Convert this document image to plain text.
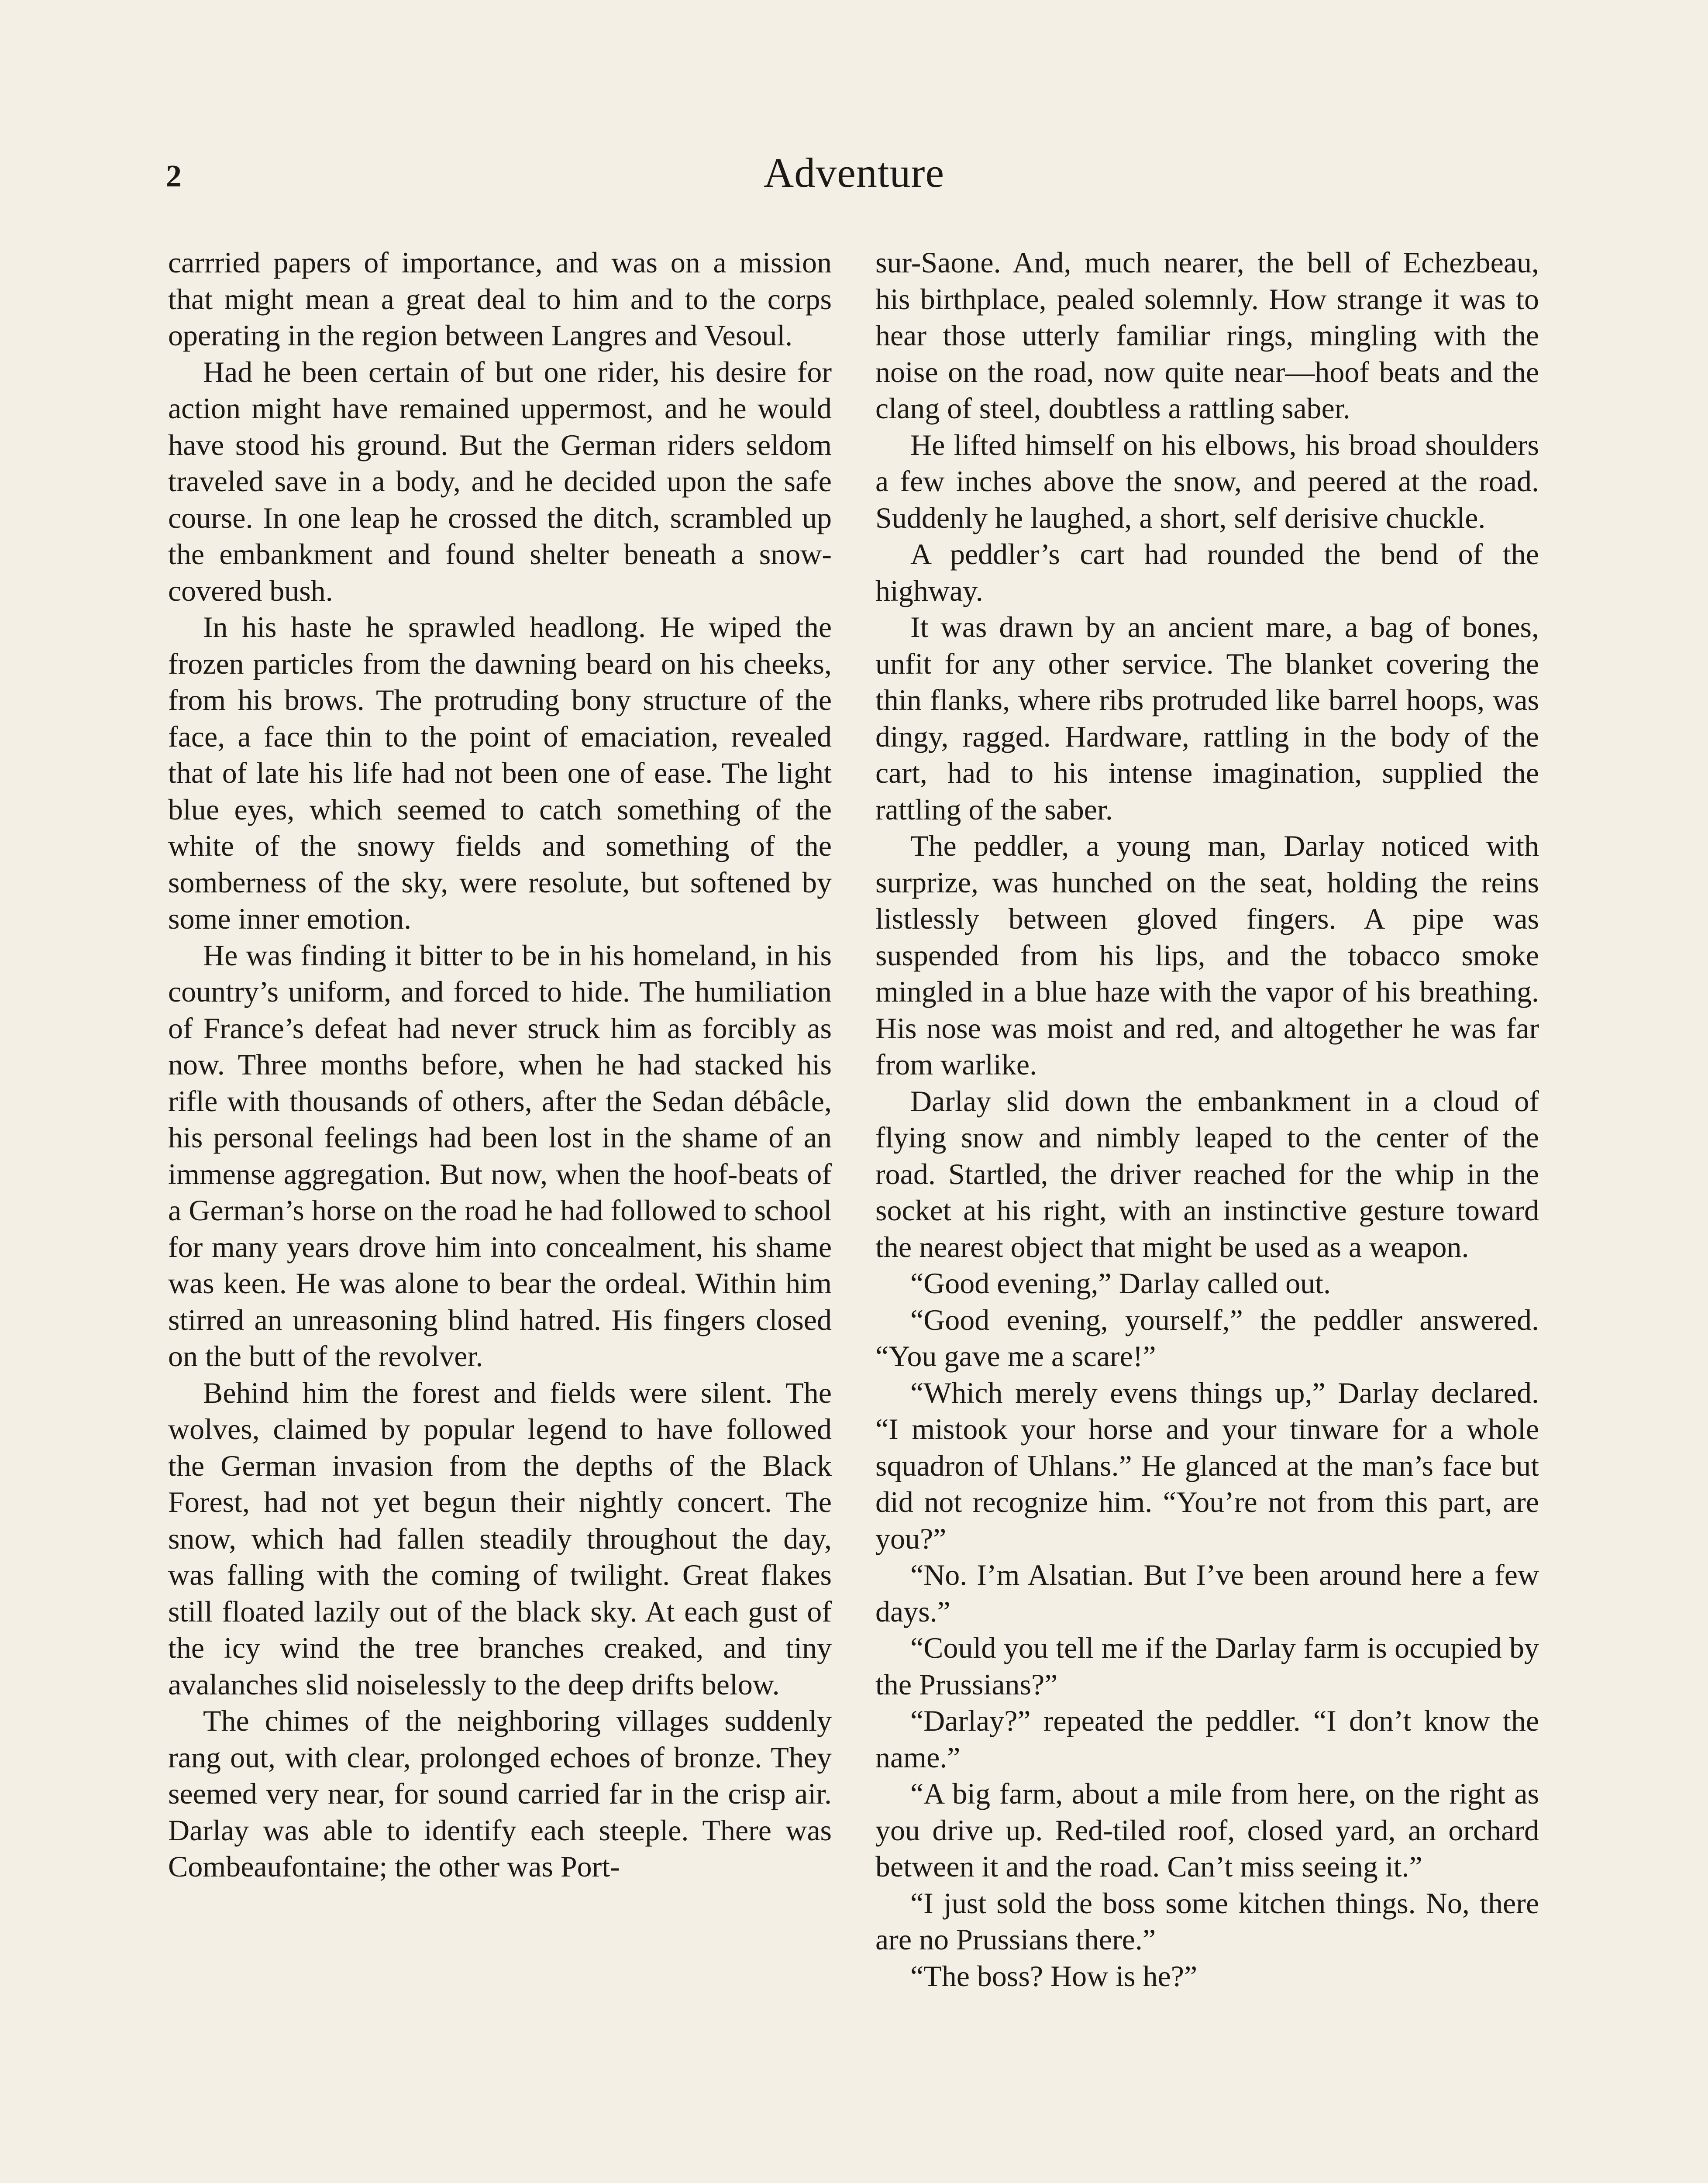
2	Adventure

carrried papers of importance, and was on a mission that might mean a great deal to him and to the corps operating in the region between Langres and Vesoul.

Had he been certain of but one rider, his desire for action might have remained uppermost, and he would have stood his ground. But the German riders seldom traveled save in a body, and he decided upon the safe course. In one leap he crossed the ditch, scrambled up the embankment and found shelter beneath a snow-covered bush.

In his haste he sprawled headlong. He wiped the frozen particles from the dawning beard on his cheeks, from his brows. The protruding bony structure of the face, a face thin to the point of emaciation, revealed that of late his life had not been one of ease. The light blue eyes, which seemed to catch something of the white of the snowy fields and something of the somberness of the sky, were resolute, but softened by some inner emotion.

He was finding it bitter to be in his homeland, in his country’s uniform, and forced to hide. The humiliation of France’s defeat had never struck him as forcibly as now. Three months before, when he had stacked his rifle with thousands of others, after the Sedan débâcle, his personal feelings had been lost in the shame of an immense aggregation. But now, when the hoof-beats of a German’s horse on the road he had followed to school for many years drove him into concealment, his shame was keen. He was alone to bear the ordeal. Within him stirred an unreasoning blind hatred. His fingers closed on the butt of the revolver.

Behind him the forest and fields were silent. The wolves, claimed by popular legend to have followed the German invasion from the depths of the Black Forest, had not yet begun their nightly concert. The snow, which had fallen steadily throughout the day, was falling with the coming of twilight. Great flakes still floated lazily out of the black sky. At each gust of the icy wind the tree branches creaked, and tiny avalanches slid noiselessly to the deep drifts below.

The chimes of the neighboring villages suddenly rang out, with clear, prolonged echoes of bronze. They seemed very near, for sound carried far in the crisp air. Darlay was able to identify each steeple. There was Combeaufontaine; the other was Port-

sur-Saone. And, much nearer, the bell of Echezbeau, his birthplace, pealed solemnly. How strange it was to hear those utterly familiar rings, mingling with the noise on the road, now quite near—hoof beats and the clang of steel, doubtless a rattling saber.

He lifted himself on his elbows, his broad shoulders a few inches above the snow, and peered at the road. Suddenly he laughed, a short, self derisive chuckle.

A peddler’s cart had rounded the bend of the highway.

It was drawn by an ancient mare, a bag of bones, unfit for any other service. The blanket covering the thin flanks, where ribs protruded like barrel hoops, was dingy, ragged. Hardware, rattling in the body of the cart, had to his intense imagination, supplied the rattling of the saber.

The peddler, a young man, Darlay noticed with surprize, was hunched on the seat, holding the reins listlessly between gloved fingers. A pipe was suspended from his lips, and the tobacco smoke mingled in a blue haze with the vapor of his breathing. His nose was moist and red, and altogether he was far from warlike.

Darlay slid down the embankment in a cloud of flying snow and nimbly leaped to the center of the road. Startled, the driver reached for the whip in the socket at his right, with an instinctive gesture toward the nearest object that might be used as a weapon.

“Good evening,” Darlay called out.

“Good evening, yourself,” the peddler answered. “You gave me a scare!”

“Which merely evens things up,” Darlay declared. “I mistook your horse and your tinware for a whole squadron of Uhlans.” He glanced at the man’s face but did not recognize him. “You’re not from this part, are you?”

“No. I’m Alsatian. But I’ve been around here a few days.”

“Could you tell me if the Darlay farm is occupied by the Prussians?”

“Darlay?” repeated the peddler. “I don’t know the name.”

“A big farm, about a mile from here, on the right as you drive up. Red-tiled roof, closed yard, an orchard between it and the road. Can’t miss seeing it.”

“I just sold the boss some kitchen things. No, there are no Prussians there.”

“The boss? How is he?”
